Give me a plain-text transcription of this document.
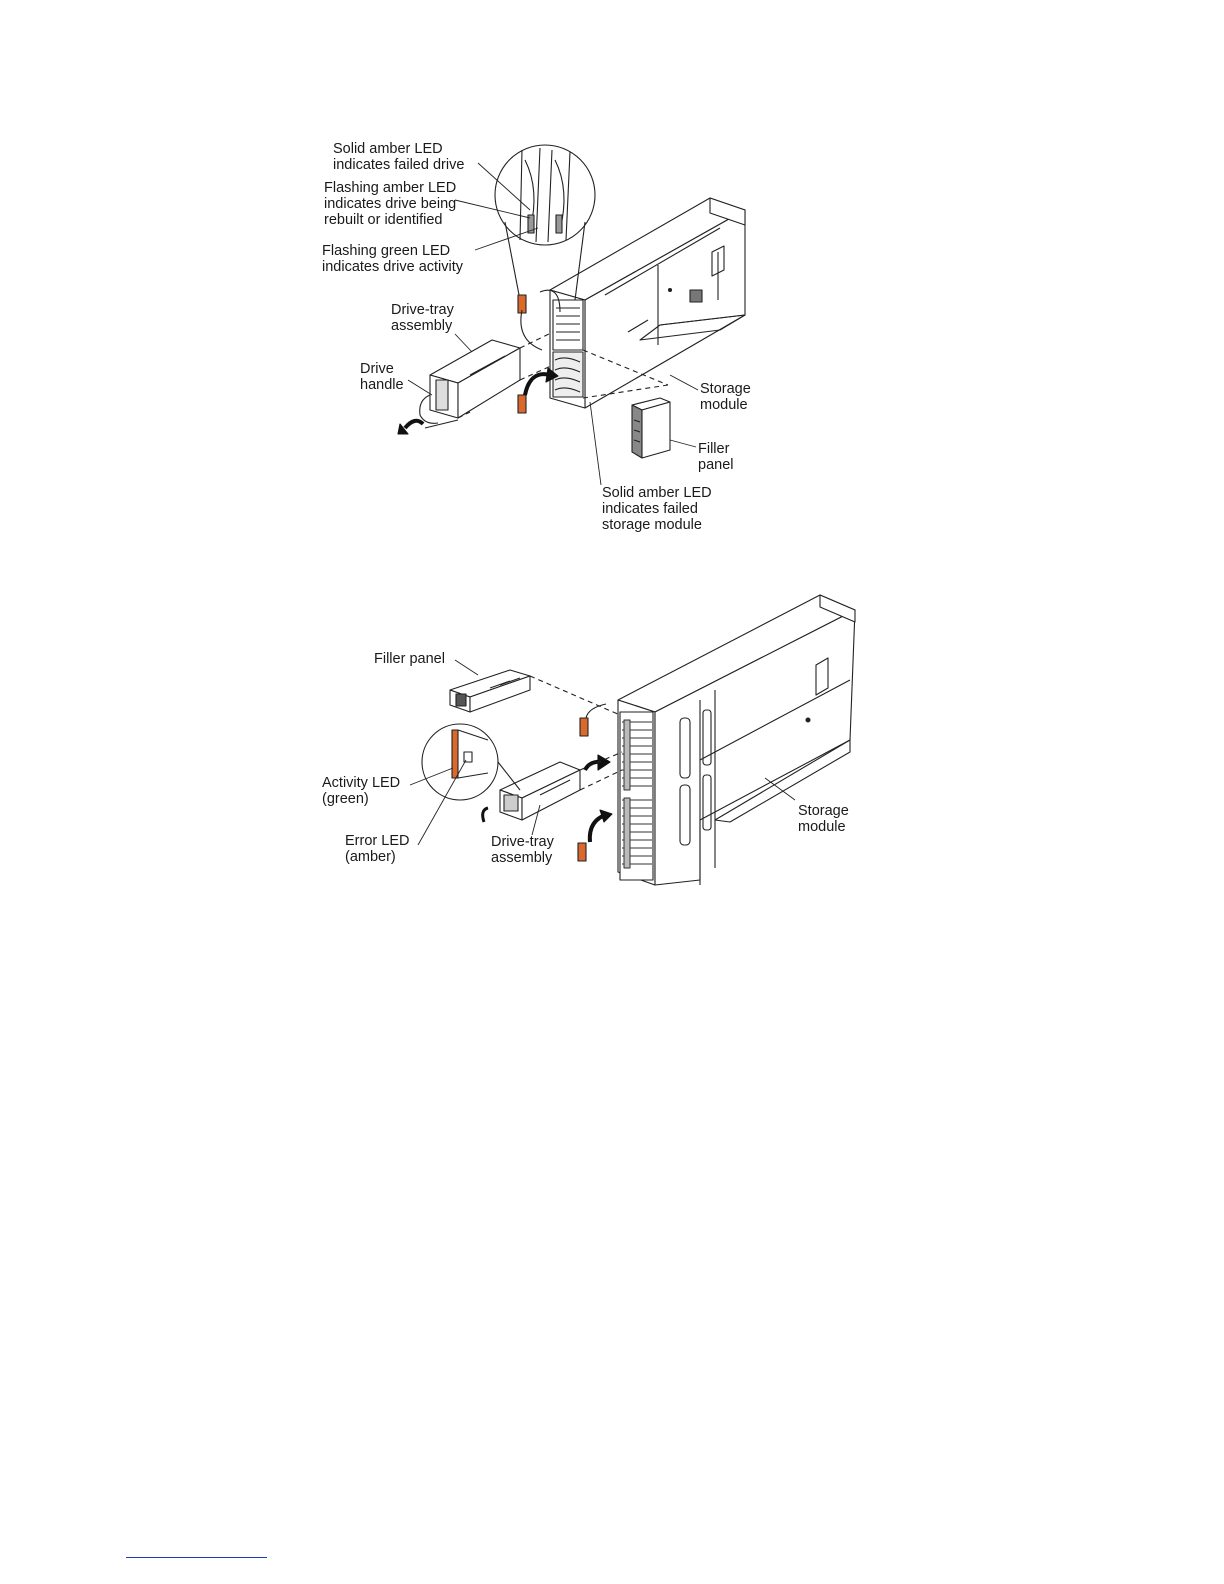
Solid amber LED
indicates failed drive
Flashing amber LED
indicates drive being
rebuilt or identified
Flashing green LED
indicates drive activity
Drive-tray
assembly
Drive
handle	Storage
module
Filler
panel
Solid amber LED
indicates failed
storage module
Filler panel
Activity LED
(green)
Error LED
(amber)
Drive-tray
assembly
Storage
module
